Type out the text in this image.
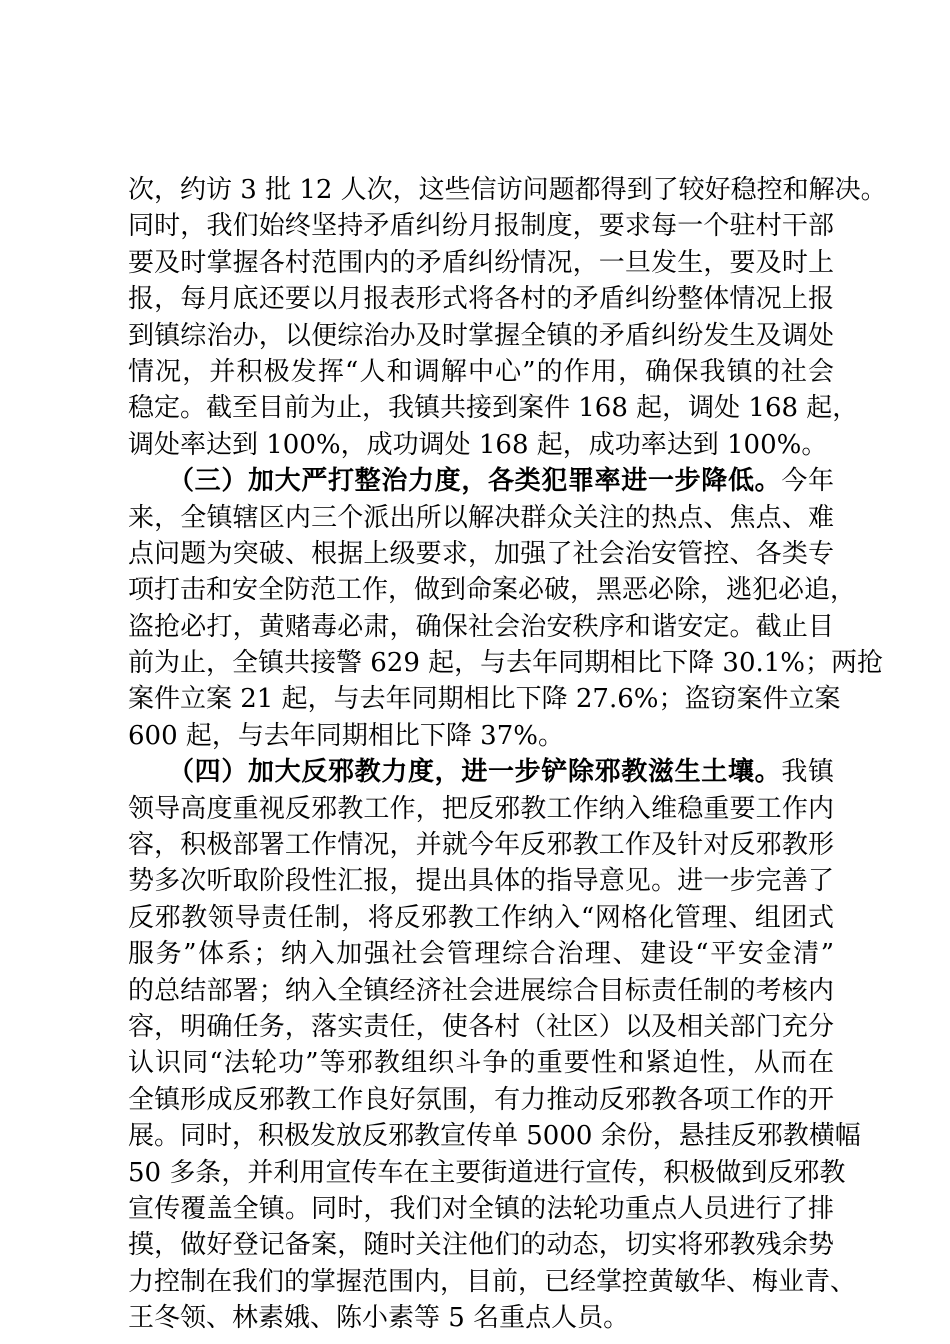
次，约访 3 批 12 人次，这些信访问题都得到了较好稳控和解决。
同时，我们始终坚持矛盾纠纷月报制度，要求每一个驻村干部
要及时掌握各村范围内的矛盾纠纷情况，一旦发生，要及时上
报，每月底还要以月报表形式将各村的矛盾纠纷整体情况上报
到镇综治办，以便综治办及时掌握全镇的矛盾纠纷发生及调处
情况，并积极发挥“人和调解中心”的作用，确保我镇的社会
稳定。截至目前为止，我镇共接到案件 168 起，调处 168 起，
调处率达到 100%，成功调处 168 起，成功率达到 100%。
（三）加大严打整治力度，各类犯罪率进一步降低。今年
来，全镇辖区内三个派出所以解决群众关注的热点、焦点、难
点问题为突破、根据上级要求，加强了社会治安管控、各类专
项打击和安全防范工作，做到命案必破，黑恶必除，逃犯必追，
盗抢必打，黄赌毒必肃，确保社会治安秩序和谐安定。截止目
前为止，全镇共接警 629 起，与去年同期相比下降 30.1%；两抢
案件立案 21 起，与去年同期相比下降 27.6%；盗窃案件立案
600 起，与去年同期相比下降 37%。
（四）加大反邪教力度，进一步铲除邪教滋生土壤。我镇
领导高度重视反邪教工作，把反邪教工作纳入维稳重要工作内
容，积极部署工作情况，并就今年反邪教工作及针对反邪教形
势多次听取阶段性汇报，提出具体的指导意见。进一步完善了
反邪教领导责任制，将反邪教工作纳入“网格化管理、组团式
服务”体系；纳入加强社会管理综合治理、建设“平安金清”
的总结部署；纳入全镇经济社会进展综合目标责任制的考核内
容，明确任务，落实责任，使各村（社区）以及相关部门充分
认识同“法轮功”等邪教组织斗争的重要性和紧迫性，从而在
全镇形成反邪教工作良好氛围，有力推动反邪教各项工作的开
展。同时，积极发放反邪教宣传单 5000 余份，悬挂反邪教横幅
50 多条，并利用宣传车在主要街道进行宣传，积极做到反邪教
宣传覆盖全镇。同时，我们对全镇的法轮功重点人员进行了排
摸，做好登记备案，随时关注他们的动态，切实将邪教残余势
力控制在我们的掌握范围内，目前，已经掌控黄敏华、梅业青、
王冬领、林素娥、陈小素等 5 名重点人员。
